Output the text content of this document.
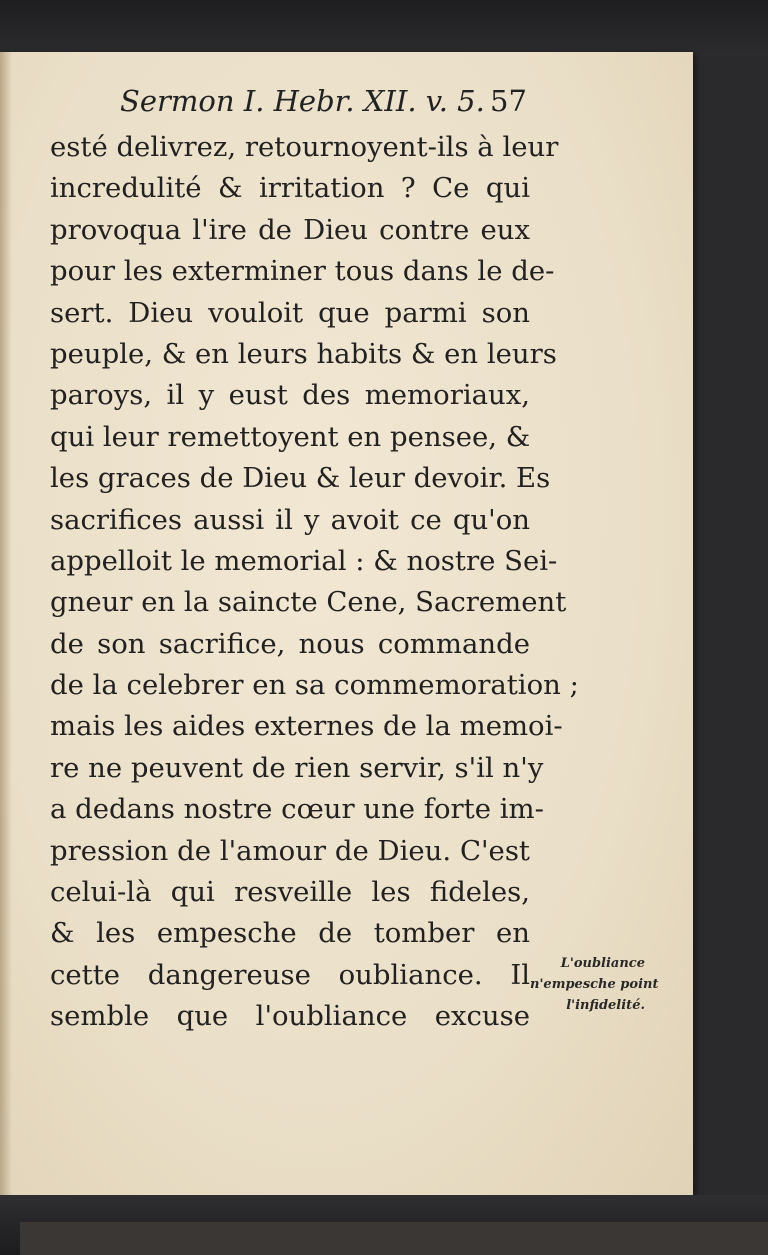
Sermon I. Hebr. XII. v. 5. 57
esté delivrez, retournoyent-ils à leur
incredulité & irritation ? Ce qui
provoqua l'ire de Dieu contre eux
pour les exterminer tous dans le de-
sert. Dieu vouloit que parmi son
peuple, & en leurs habits & en leurs
paroys, il y eust des memoriaux,
qui leur remettoyent en pensee, &
les graces de Dieu & leur devoir. Es
sacrifices aussi il y avoit ce qu'on
appelloit le memorial : & nostre Sei-
gneur en la saincte Cene, Sacrement
de son sacrifice, nous commande
de la celebrer en sa commemoration ;
mais les aides externes de la memoi-
re ne peuvent de rien servir, s'il n'y
a dedans nostre cœur une forte im-
pression de l'amour de Dieu. C'est
celui-là qui resveille les fideles,
& les empesche de tomber en
cette dangereuse oubliance. Il
semble que l'oubliance excuse
L'oubliance
n'empesche point
l'infidelité.
